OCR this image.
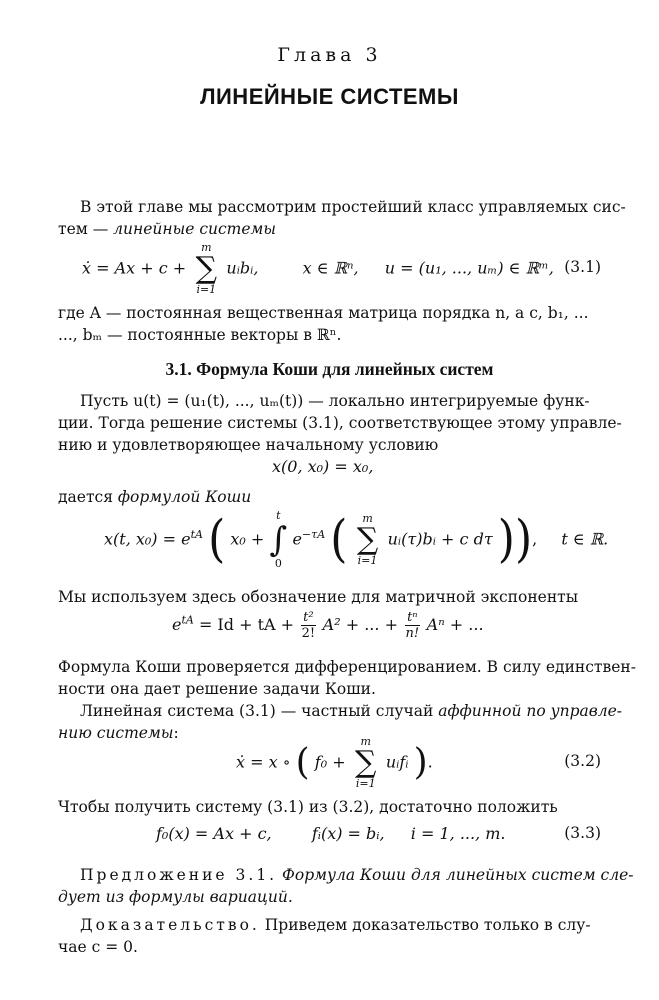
Глава 3
ЛИНЕЙНЫЕ СИСТЕМЫ
В этой главе мы рассмотрим простейший класс управляемых сис-
тем — линейные системы
ẋ = Ax + c +
m
∑
i=1
uᵢbᵢ,	x ∈ ℝⁿ, u = (u₁, ..., uₘ) ∈ ℝᵐ, (3.1)
где A — постоянная вещественная матрица порядка n, а c, b₁, ...
..., bₘ — постоянные векторы в ℝⁿ.
3.1. Формула Коши для линейных систем
Пусть u(t) = (u₁(t), ..., uₘ(t)) — локально интегрируемые функ-
ции. Тогда решение системы (3.1), соответствующее этому управле-
нию и удовлетворяющее начальному условию
x(0, x₀) = x₀,
дается формулой Коши
x(t, $x_0) = e^{tA}$ ( x₀ +
t
∫
0
$e^{-\tau A}$ (	m
∑
i=1
uᵢ(τ)bᵢ + c dτ )),  t ∈ ℝ.
Мы используем здесь обозначение для матричной экспоненты
$e^{tA} = Id$ + tA + $\frac{\text{t²}}{2!} A^2$ + ... + $\frac{\text{tⁿ}}{n!}$ Aⁿ + ...
Формула Коши проверяется дифференцированием. В силу единствен-
ности она дает решение задачи Коши.
Линейная система (3.1) — частный случай аффинной по управле-
нию системы:
ẋ = x ∘ ( f₀ +
m
∑
i=1
uᵢfᵢ ).	(3.2)
Чтобы получить систему (3.1) из (3.2), достаточно положить
f₀(x) = Ax + c,	fᵢ(x) = bᵢ, i = 1, ..., m.	(3.3)
Предложение 3.1. Формула Коши для линейных систем сле-
дует из формулы вариаций.
Доказательство. Приведем доказательство только в слу-
чае c = 0.
